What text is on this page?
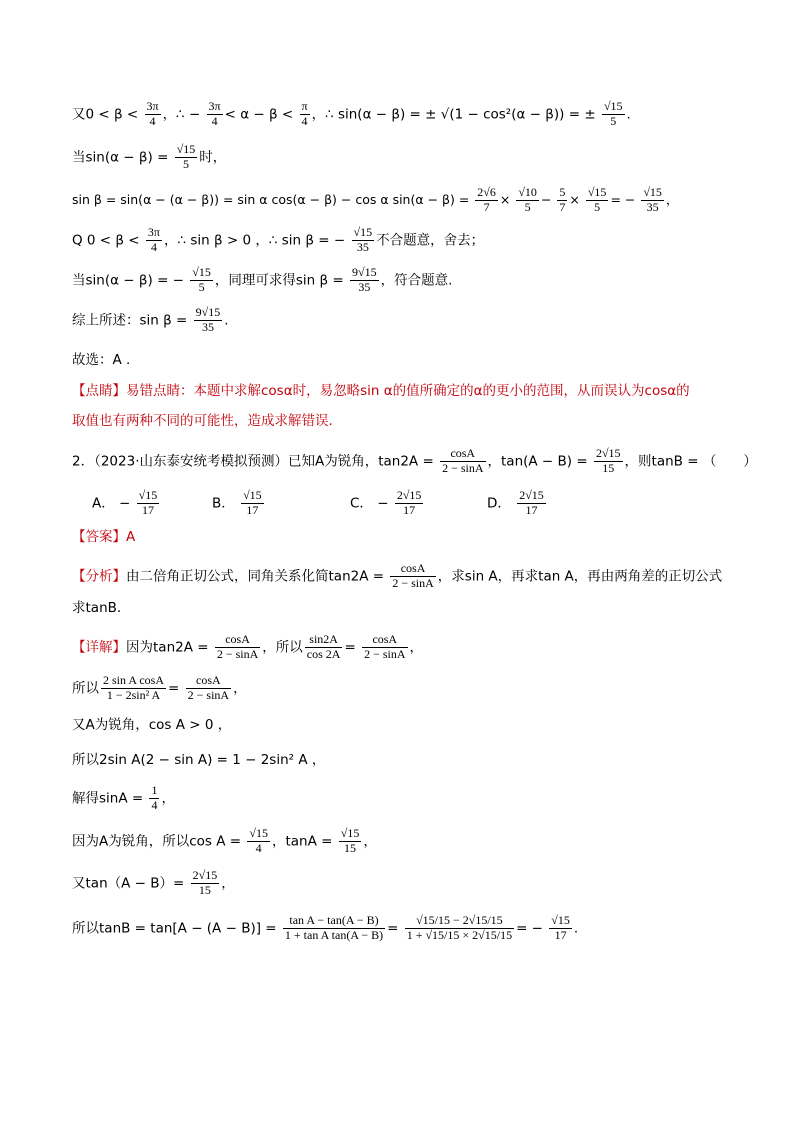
又$0 < \beta < \frac{3\pi}{4}$ ，∴ − $\frac{3\pi}{4} < \alpha - \beta < \frac{\pi}{4}$ ，∴ sin(α − β) = ± √(1 − cos²(α − β)) = ± $\frac{√15}{5}$ .
当$\sin(\alpha - \beta) = \frac{√15}{5}$ 时，
sin β = sin(α − (α − β)) = sin α cos(α − β) − cos α $\sin(\alpha - \beta) = \frac{2√6}{7} \times \frac{√10}{5} - \frac{5}{7} \times \frac{√15}{5}$ = − $\frac{√15}{35}$ ，
Q $0 < \beta < \frac{3\pi}{4}$ ，∴ sin β > 0 ，∴ sin β = − $\frac{√15}{35}$ 不合题意，舍去；
当sin(α − β) = − $\frac{√15}{5}$ ，同理可求得$\sin \beta = \frac{9√15}{35}$ ，符合题意.
综上所述：$\sin \beta = \frac{9√15}{35}$ .
故选：A .
【点睛】易错点睛：本题中求解cosα时，易忽略sin α的值所确定的α的更小的范围，从而误认为cosα的
取值也有两种不同的可能性，造成求解错误.
2．（2023·山东泰安统考模拟预测）已知A为锐角，$\tan 2A = \frac{\cos A}{2 - \sin A}$ ，$\tan(A - B) = \frac{2√15}{15}$ ，则tanB = （　　）
A． − $\frac{√15}{17}$	B． $\frac{√15}{17}$	C． − $\frac{2√15}{17}$	D． $\frac{2√15}{17}$
【答案】A
【分析】由二倍角正切公式，同角关系化简$\tan 2A = \frac{\cos A}{2 - \sin A}$ ，求sin A，再求tan A，再由两角差的正切公式
求tanB.
【详解】因为$\tan 2A = \frac{\cos A}{2 - \sin A}$ ，所以 $\frac{\sin 2A}{\cos 2A} = \frac{\cos A}{2 - \sin A}$ ，
所以 $\frac{\text{2 sin A cosA}}{\text{1 − 2sin² A}} = \frac{\cos A}{2 - \sin A}$ ，
又A为锐角，cos A > 0 ，
所以2sin A(2 − sin A) = 1 − 2sin² A ，
解得$\sin A = \frac{1}{4}$ ，
因为A为锐角，所以$\cos A = \frac{√15}{4}$ ，$\tan A = \frac{√15}{15}$ ，
又$\tan(A - B)= \frac{2√15}{15}$ ，
所以$\tan B = \tan[A - (A - B)] = \frac{\text{tan A − tan(A − B)}}{\text{1 + tan A tan(A − B)}} = \frac{√15/15 - 2√15/15}{1 + √15/15 \times 2√15/15}$ = − $\frac{√15}{17}$ .
